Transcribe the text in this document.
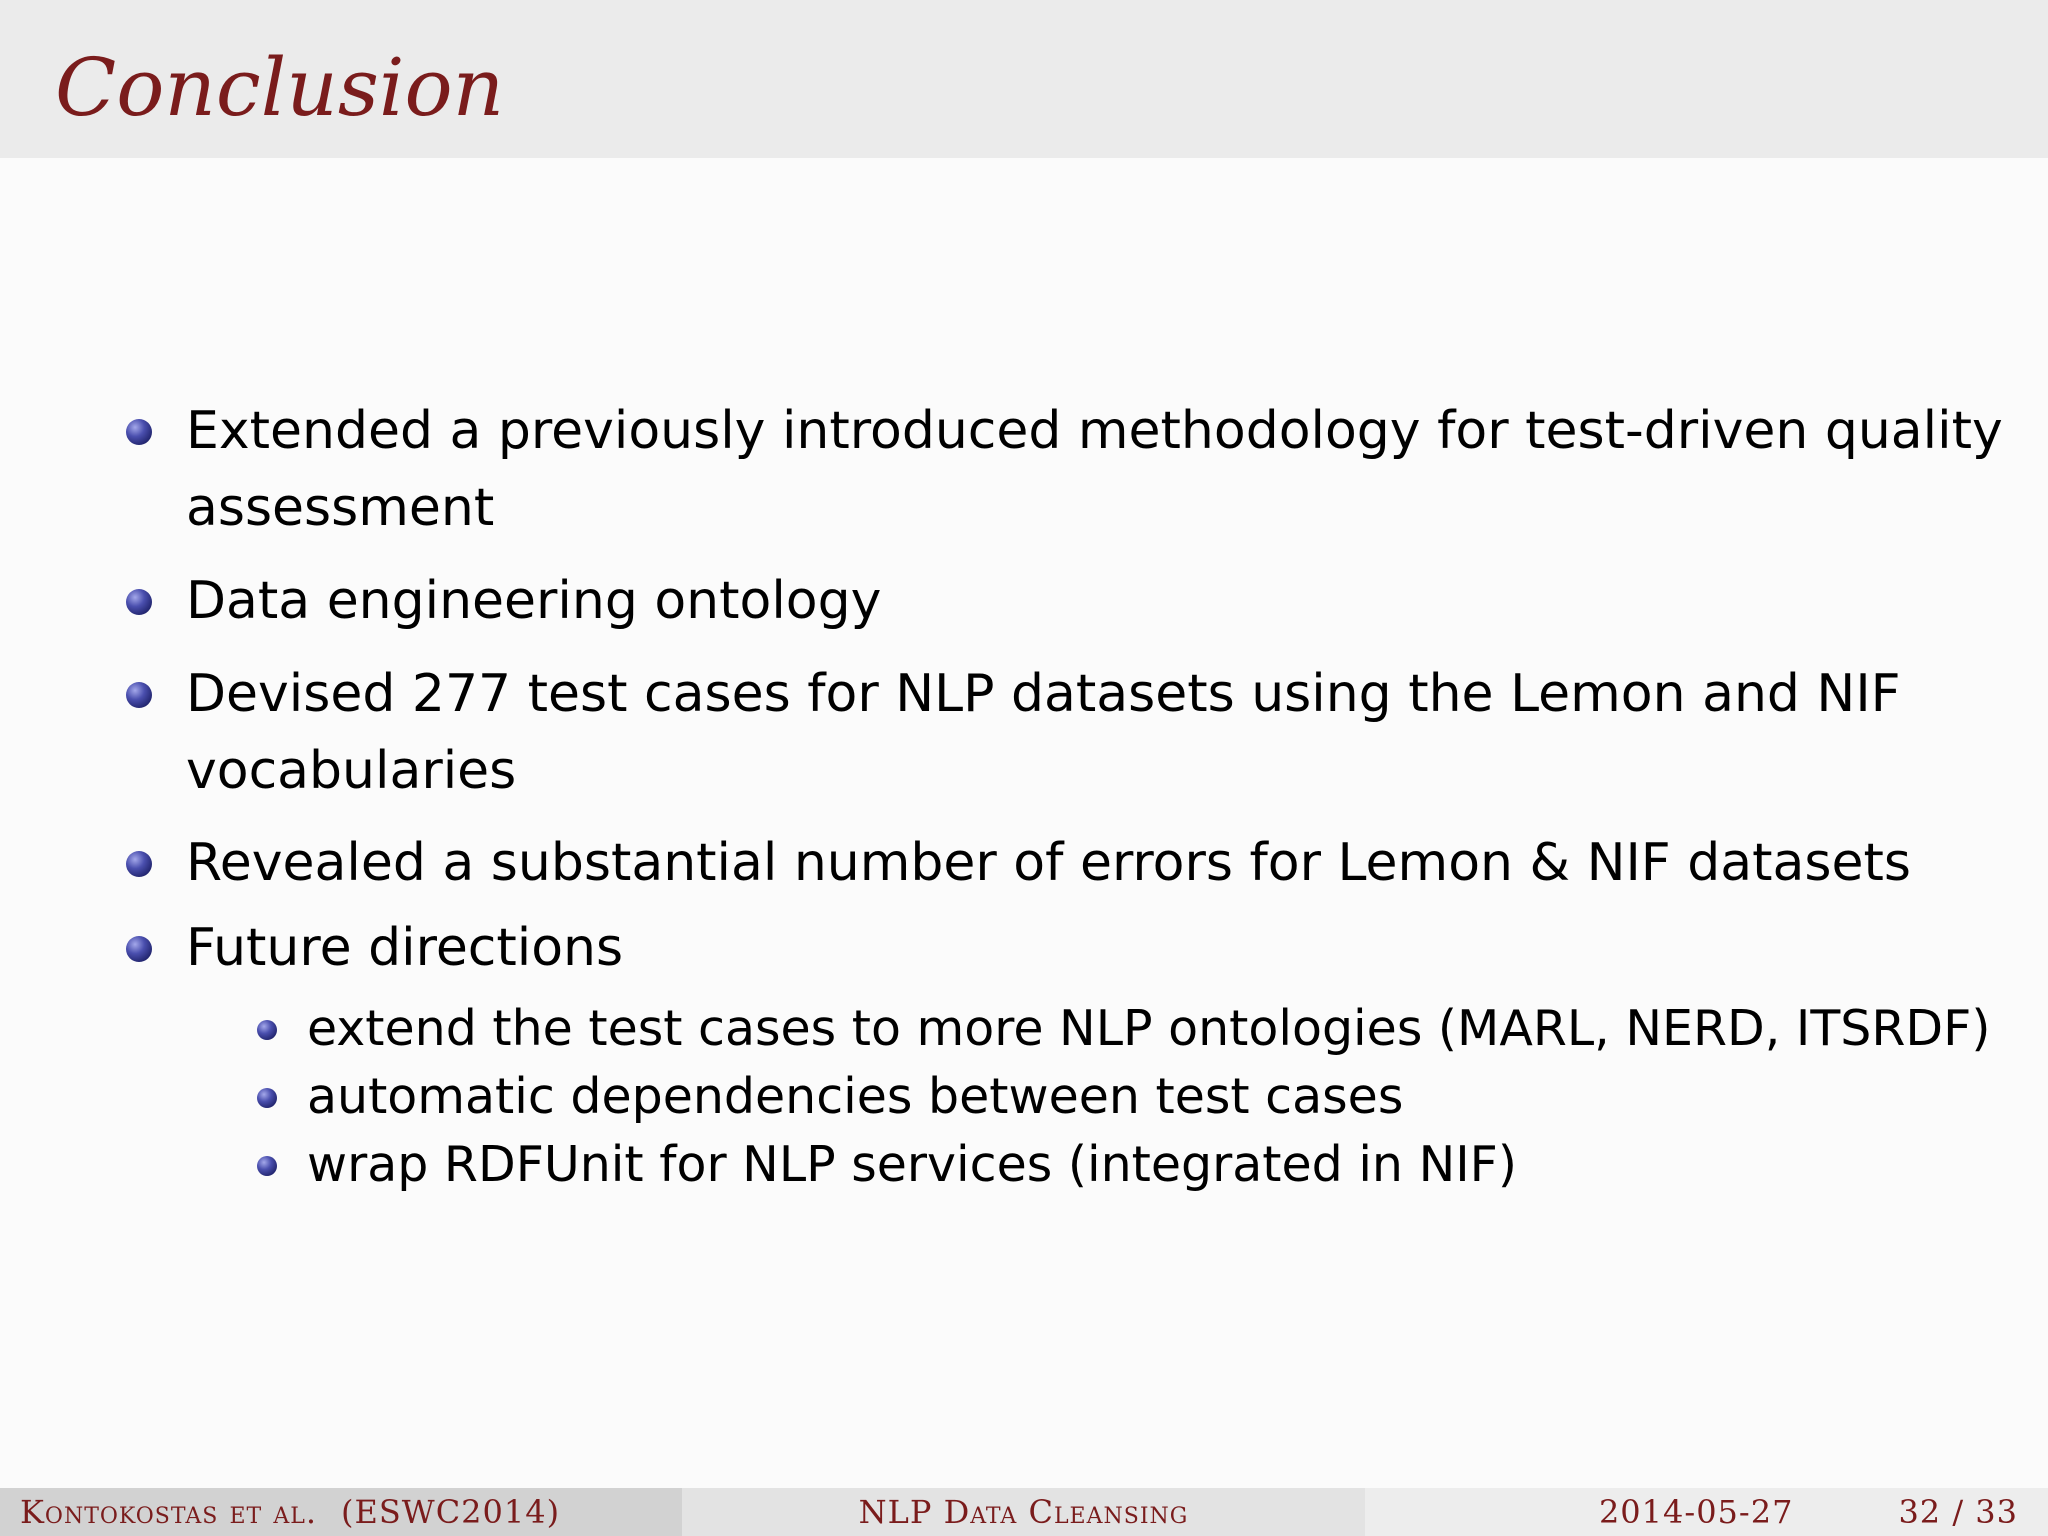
Conclusion
Extended a previously introduced methodology for test-driven quality
assessment
Data engineering ontology
Devised 277 test cases for NLP datasets using the Lemon and NIF
vocabularies
Revealed a substantial number of errors for Lemon & NIF datasets
Future directions
extend the test cases to more NLP ontologies (MARL, NERD, ITSRDF)
automatic dependencies between test cases
wrap RDFUnit for NLP services (integrated in NIF)
Kontokostas et al. (ESWC2014)	NLP Data Cleansing	2014-05-27	32 / 33
